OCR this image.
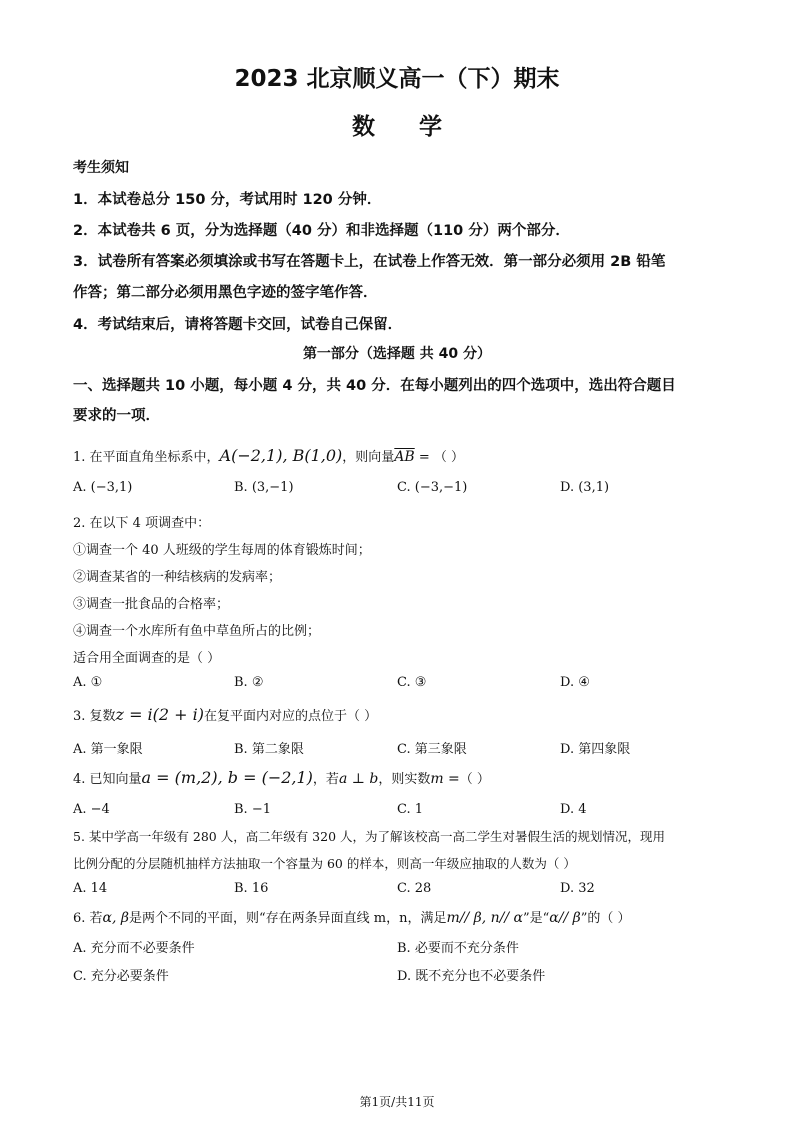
2023 北京顺义高一（下）期末
数 学
考生须知
1．本试卷总分 150 分，考试用时 120 分钟．
2．本试卷共 6 页，分为选择题（40 分）和非选择题（110 分）两个部分．
3．试卷所有答案必须填涂或书写在答题卡上，在试卷上作答无效．第一部分必须用 2B 铅笔
作答；第二部分必须用黑色字迹的签字笔作答．
4．考试结束后，请将答题卡交回，试卷自己保留．
第一部分（选择题 共 40 分）
一、选择题共 10 小题，每小题 4 分，共 40 分．在每小题列出的四个选项中，选出符合题目
要求的一项．
1. 在平面直角坐标系中，A(−2,1), B(1,0)，则向量$\overline{AB}$ = （ ）
A. (−3,1)	B. (3,−1)	C. (−3,−1)	D. (3,1)
2. 在以下 4 项调查中：
①调查一个 40 人班级的学生每周的体育锻炼时间；
②调查某省的一种结核病的发病率；
③调查一批食品的合格率；
④调查一个水库所有鱼中草鱼所占的比例；
适合用全面调查的是（ ）
A. ①	B. ②	C. ③	D. ④
3. 复数z = i(2 + i)在复平面内对应的点位于（ ）
A. 第一象限	B. 第二象限	C. 第三象限	D. 第四象限
4. 已知向量a = (m,2), b = (−2,1)，若a ⊥ b，则实数m =（ ）
A. −4	B. −1	C. 1	D. 4
5. 某中学高一年级有 280 人，高二年级有 320 人，为了解该校高一高二学生对暑假生活的规划情况，现用
比例分配的分层随机抽样方法抽取一个容量为 60 的样本，则高一年级应抽取的人数为（ ）
A. 14	B. 16	C. 28	D. 32
6. 若α, β是两个不同的平面，则“存在两条异面直线 m，n，满足m// β, n// α”是“α// β”的（ ）
A. 充分而不必要条件	B. 必要而不充分条件
C. 充分必要条件	D. 既不充分也不必要条件
第1页/共11页
